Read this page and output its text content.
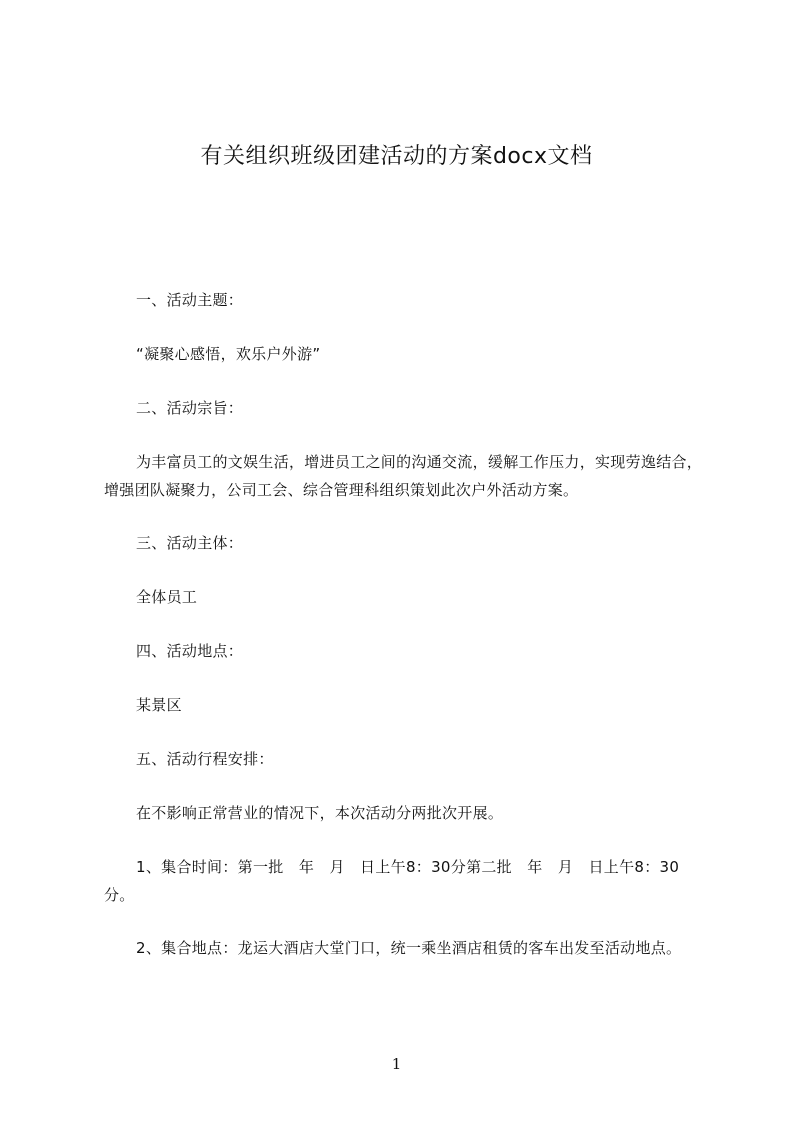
有关组织班级团建活动的方案docx文档
一、活动主题：
“凝聚心感悟，欢乐户外游”
二、活动宗旨：
为丰富员工的文娱生活，增进员工之间的沟通交流，缓解工作压力，实现劳逸结合，增强团队凝聚力，公司工会、综合管理科组织策划此次户外活动方案。
三、活动主体：
全体员工
四、活动地点：
某景区
五、活动行程安排：
在不影响正常营业的情况下，本次活动分两批次开展。
1、集合时间：第一批　年　月　日上午8：30分第二批　年　月　日上午8：30分。
2、集合地点：龙运大酒店大堂门口，统一乘坐酒店租赁的客车出发至活动地点。
1
